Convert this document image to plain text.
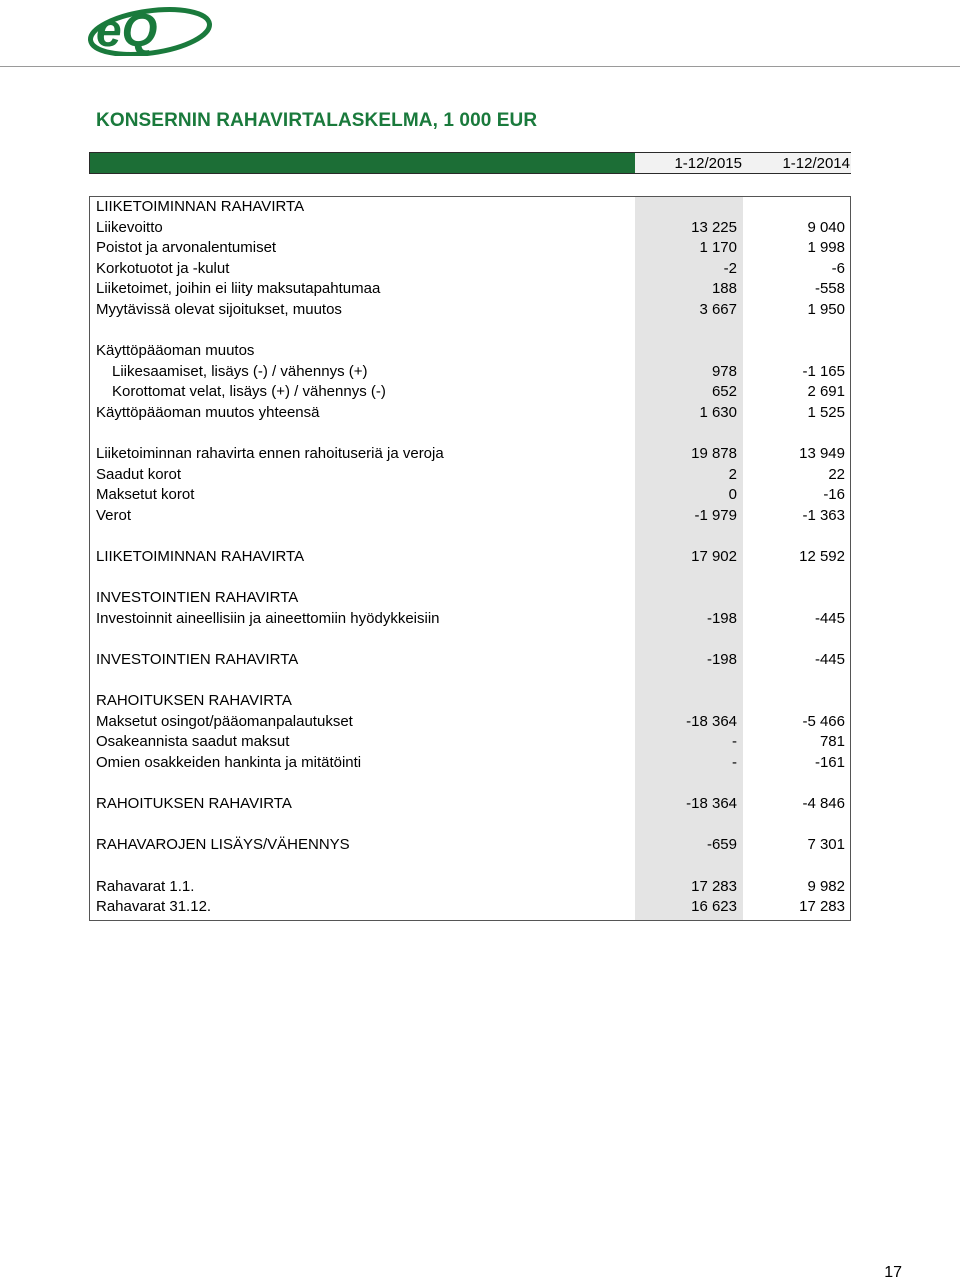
eQ
KONSERNIN RAHAVIRTALASKELMA, 1 000 EUR
1-12/2015	1-12/2014
LIIKETOIMINNAN RAHAVIRTA
Liikevoitto	13 225	9 040
Poistot ja arvonalentumiset	1 170	1 998
Korkotuotot ja -kulut	-2	-6
Liiketoimet, joihin ei liity maksutapahtumaa	188	-558
Myytävissä olevat sijoitukset, muutos	3 667	1 950
Käyttöpääoman muutos
Liikesaamiset, lisäys (-) / vähennys (+)	978	-1 165
Korottomat velat, lisäys (+) / vähennys (-)	652	2 691
Käyttöpääoman muutos yhteensä	1 630	1 525
Liiketoiminnan rahavirta ennen rahoituseriä ja veroja	19 878	13 949
Saadut korot	2	22
Maksetut korot	0	-16
Verot	-1 979	-1 363
LIIKETOIMINNAN RAHAVIRTA	17 902	12 592
INVESTOINTIEN RAHAVIRTA
Investoinnit aineellisiin ja aineettomiin hyödykkeisiin	-198	-445
INVESTOINTIEN RAHAVIRTA	-198	-445
RAHOITUKSEN RAHAVIRTA
Maksetut osingot/pääomanpalautukset	-18 364	-5 466
Osakeannista saadut maksut	-	781
Omien osakkeiden hankinta ja mitätöinti	-	-161
RAHOITUKSEN RAHAVIRTA	-18 364	-4 846
RAHAVAROJEN LISÄYS/VÄHENNYS	-659	7 301
Rahavarat 1.1.	17 283	9 982
Rahavarat 31.12.	16 623	17 283
17
